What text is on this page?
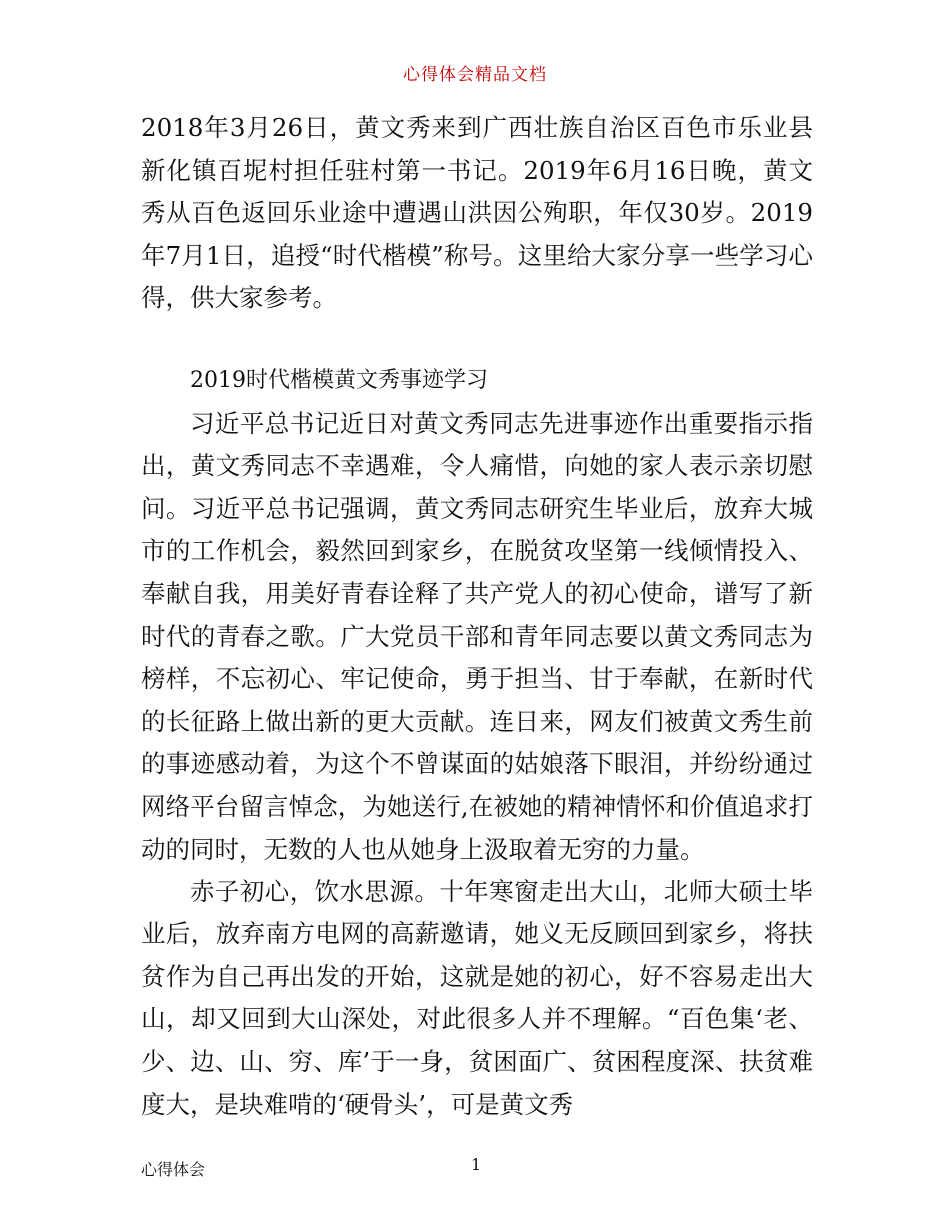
心得体会精品文档

2018年3月26日，黄文秀来到广西壮族自治区百色市乐业县新化镇百坭村担任驻村第一书记。2019年6月16日晚，黄文秀从百色返回乐业途中遭遇山洪因公殉职，年仅30岁。2019年7月1日，追授“时代楷模”称号。这里给大家分享一些学习心得，供大家参考。

2019时代楷模黄文秀事迹学习

习近平总书记近日对黄文秀同志先进事迹作出重要指示指出，黄文秀同志不幸遇难，令人痛惜，向她的家人表示亲切慰问。习近平总书记强调，黄文秀同志研究生毕业后，放弃大城市的工作机会，毅然回到家乡，在脱贫攻坚第一线倾情投入、奉献自我，用美好青春诠释了共产党人的初心使命，谱写了新时代的青春之歌。广大党员干部和青年同志要以黄文秀同志为榜样，不忘初心、牢记使命，勇于担当、甘于奉献，在新时代的长征路上做出新的更大贡献。连日来，网友们被黄文秀生前的事迹感动着，为这个不曾谋面的姑娘落下眼泪，并纷纷通过网络平台留言悼念，为她送行,在被她的精神情怀和价值追求打动的同时，无数的人也从她身上汲取着无穷的力量。

赤子初心，饮水思源。十年寒窗走出大山，北师大硕士毕业后，放弃南方电网的高薪邀请，她义无反顾回到家乡，将扶贫作为自己再出发的开始，这就是她的初心，好不容易走出大山，却又回到大山深处，对此很多人并不理解。“百色集‘老、少、边、山、穷、库’于一身，贫困面广、贫困程度深、扶贫难度大，是块难啃的‘硬骨头’，可是黄文秀

心得体会	1
